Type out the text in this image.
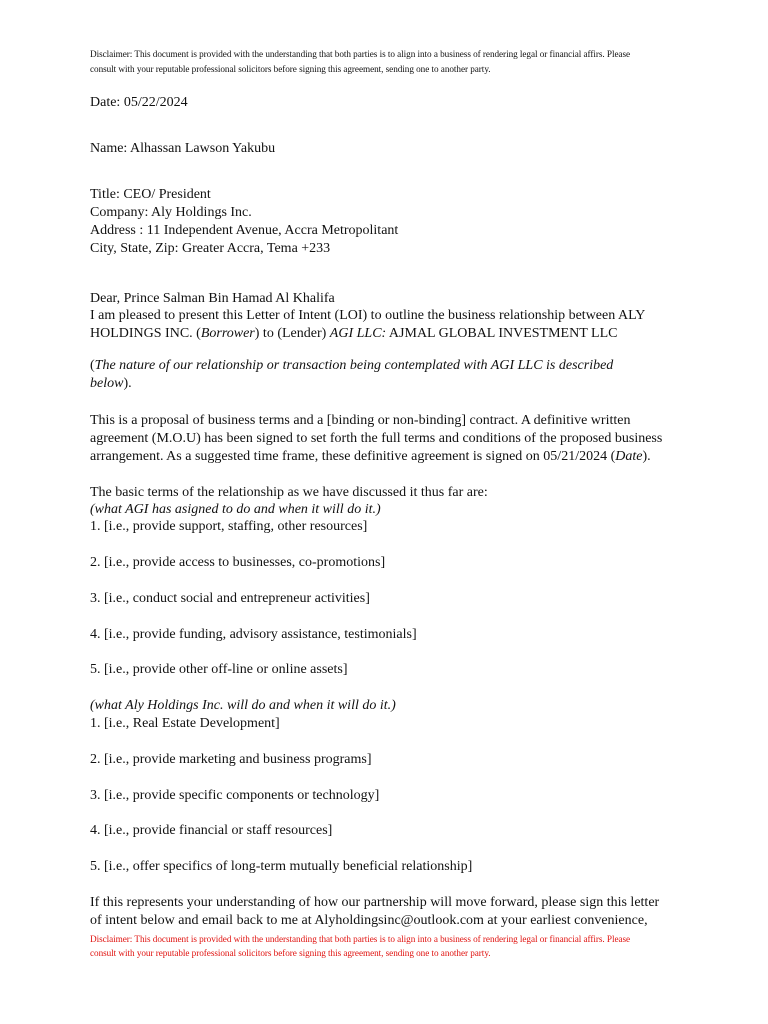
Disclaimer: This document is provided with the understanding that both parties is to align into a business of rendering legal or financial affirs. Please
consult with your reputable professional solicitors before signing this agreement, sending one to another party.
Date: 05/22/2024
Name: Alhassan Lawson Yakubu
Title: CEO/ President
Company: Aly Holdings Inc.
Address : 11 Independent Avenue, Accra Metropolitant
City, State, Zip: Greater Accra, Tema +233
Dear, Prince Salman Bin Hamad Al Khalifa
I am pleased to present this Letter of Intent (LOI) to outline the business relationship between ALY
HOLDINGS INC. (Borrower) to (Lender) AGI LLC: AJMAL GLOBAL INVESTMENT LLC
(The nature of our relationship or transaction being contemplated with AGI LLC is described
below).
This is a proposal of business terms and a [binding or non-binding] contract. A definitive written
agreement (M.O.U) has been signed to set forth the full terms and conditions of the proposed business
arrangement. As a suggested time frame, these definitive agreement is signed on 05/21/2024 (Date).
The basic terms of the relationship as we have discussed it thus far are:
(what AGI has asigned to do and when it will do it.)
1. [i.e., provide support, staffing, other resources]
2. [i.e., provide access to businesses, co-promotions]
3. [i.e., conduct social and entrepreneur activities]
4. [i.e., provide funding, advisory assistance, testimonials]
5. [i.e., provide other off-line or online assets]
(what Aly Holdings Inc. will do and when it will do it.)
1. [i.e., Real Estate Development]
2. [i.e., provide marketing and business programs]
3. [i.e., provide specific components or technology]
4. [i.e., provide financial or staff resources]
5. [i.e., offer specifics of long-term mutually beneficial relationship]
If this represents your understanding of how our partnership will move forward, please sign this letter
of intent below and email back to me at Alyholdingsinc@outlook.com at your earliest convenience,
Disclaimer: This document is provided with the understanding that both parties is to align into a business of rendering legal or financial affirs. Please
consult with your reputable professional solicitors before signing this agreement, sending one to another party.
